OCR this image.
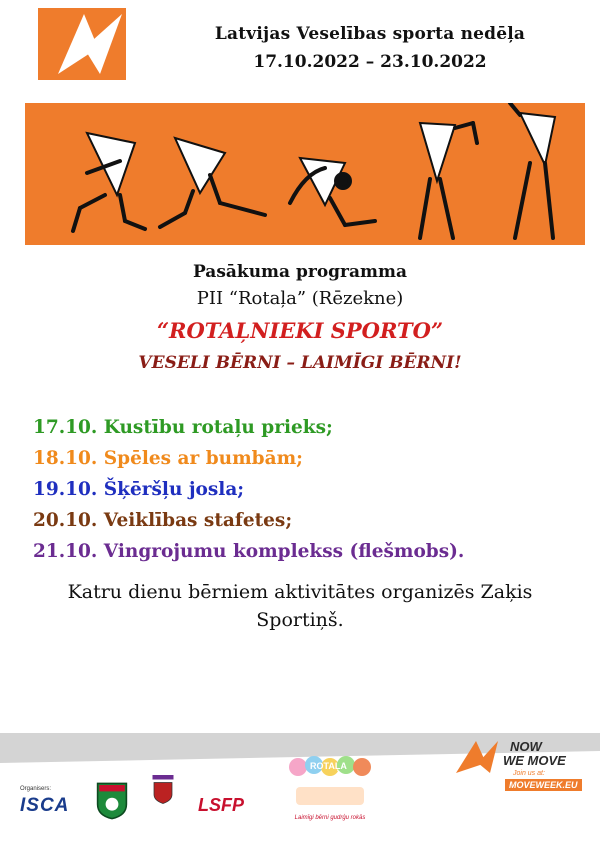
Latvijas Veselības sporta nedēļa
17.10.2022 – 23.10.2022
Pasākuma programma
PII “Rotaļa” (Rēzekne)
“ROTAĻNIEKI SPORTO”
VESELI BĒRNI – LAIMĪGI BĒRNI!
17.10. Kustību rotaļu prieks;
18.10. Spēles ar bumbām;
19.10. Šķēršļu josla;
20.10. Veiklības stafetes;
21.10. Vingrojumu komplekss (flešmobs).
Katru dienu bērniem aktivitātes organizēs Zaķis Sportiņš.
Organisers:
ISCA	LSFP
ROTAĻA
Laimīgi bērni gudrģu rokās
NOW
WE MOVE
Join us at:
MOVEWEEK.EU
